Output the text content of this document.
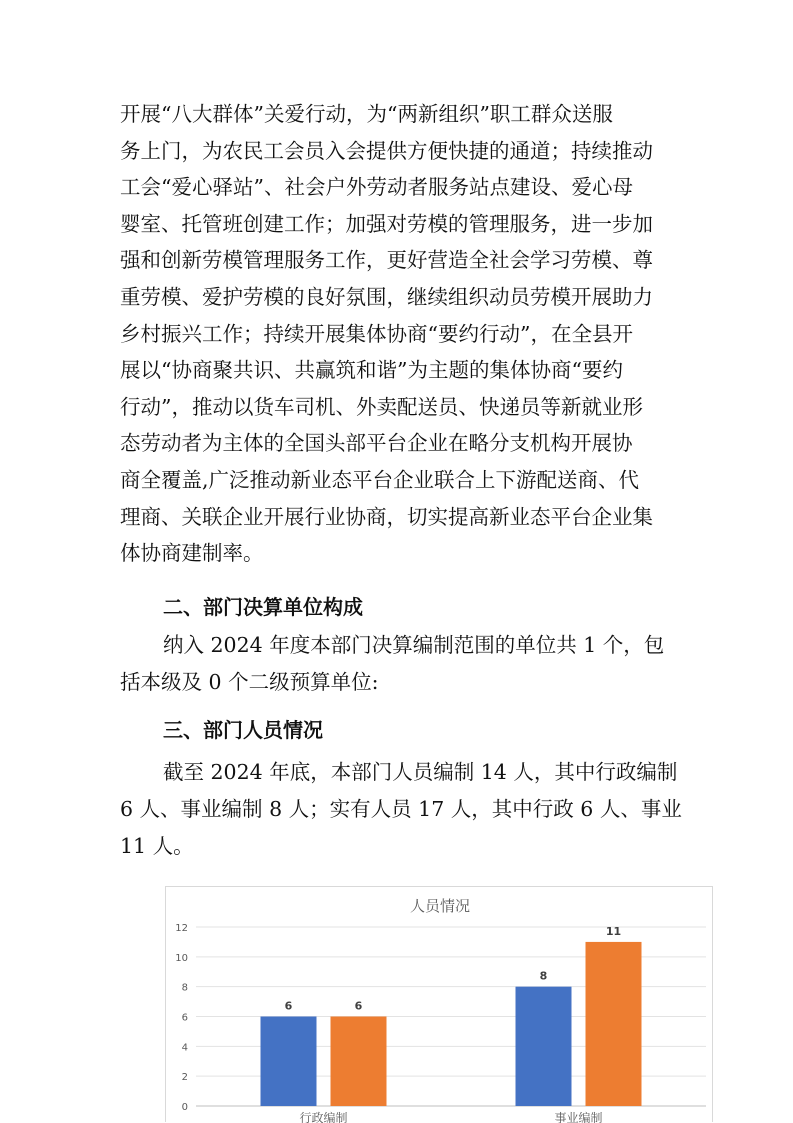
开展“八大群体”关爱行动，为“两新组织”职工群众送服
务上门，为农民工会员入会提供方便快捷的通道；持续推动
工会“爱心驿站”、社会户外劳动者服务站点建设、爱心母
婴室、托管班创建工作；加强对劳模的管理服务，进一步加
强和创新劳模管理服务工作，更好营造全社会学习劳模、尊
重劳模、爱护劳模的良好氛围，继续组织动员劳模开展助力
乡村振兴工作；持续开展集体协商“要约行动”，在全县开
展以“协商聚共识、共赢筑和谐”为主题的集体协商“要约
行动”，推动以货车司机、外卖配送员、快递员等新就业形
态劳动者为主体的全国头部平台企业在略分支机构开展协
商全覆盖,广泛推动新业态平台企业联合上下游配送商、代
理商、关联企业开展行业协商，切实提高新业态平台企业集
体协商建制率。
二、部门决算单位构成
纳入 2024 年度本部门决算编制范围的单位共 1 个，包
括本级及 0 个二级预算单位:
三、部门人员情况
截至 2024 年底，本部门人员编制 14 人，其中行政编制
6 人、事业编制 8 人；实有人员 17 人，其中行政 6 人、事业
11 人。
人员情况
0
2
4
6
8
10
12
6	6
行政编制
8
11
事业编制
